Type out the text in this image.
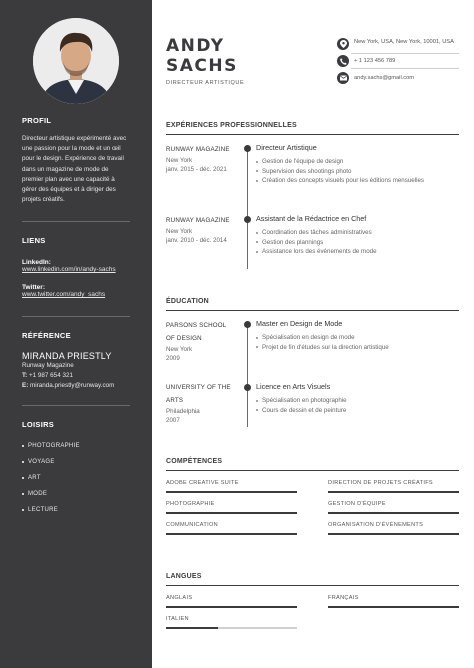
PROFIL
Directeur artistique expérimenté avec une passion pour la mode et un œil pour le design. Expérience de travail dans un magazine de mode de premier plan avec une capacité à gérer des équipes et à diriger des projets créatifs.
LIENS
LinkedIn:
www.linkedin.com/in/andy-sachs
Twitter:
www.twitter.com/andy_sachs
RÉFÉRENCE
MIRANDA PRIESTLY
Runway Magazine
T: +1 987 654 321
E: miranda.priestly@runway.com
LOISIRS
PHOTOGRAPHIE
VOYAGE
ART
MODE
LECTURE
ANDY
SACHS
DIRECTEUR ARTISTIQUE
New York, USA, New York, 10001, USA
+ 1 123 456 789
andy.sachs@gmail.com
EXPÉRIENCES PROFESSIONNELLES
RUNWAY MAGAZINE
New York
janv. 2015 - déc. 2021
Directeur Artistique
Gestion de l'équipe de design
Supervision des shootings photo
Création des concepts visuels pour les éditions mensuelles
RUNWAY MAGAZINE
New York
janv. 2010 - déc. 2014
Assistant de la Rédactrice en Chef
Coordination des tâches administratives
Gestion des plannings
Assistance lors des événements de mode
ÉDUCATION
PARSONS SCHOOL
OF DESIGN
New York
2009
Master en Design de Mode
Spécialisation en design de mode
Projet de fin d'études sur la direction artistique
UNIVERSITY OF THE
ARTS
Philadelphia
2007
Licence en Arts Visuels
Spécialisation en photographie
Cours de dessin et de peinture
COMPÉTENCES
ADOBE CREATIVE SUITE	DIRECTION DE PROJETS CRÉATIFS
PHOTOGRAPHIE	GESTION D'ÉQUIPE
COMMUNICATION	ORGANISATION D'ÉVÉNEMENTS
LANGUES
ANGLAIS	FRANÇAIS
ITALIEN
